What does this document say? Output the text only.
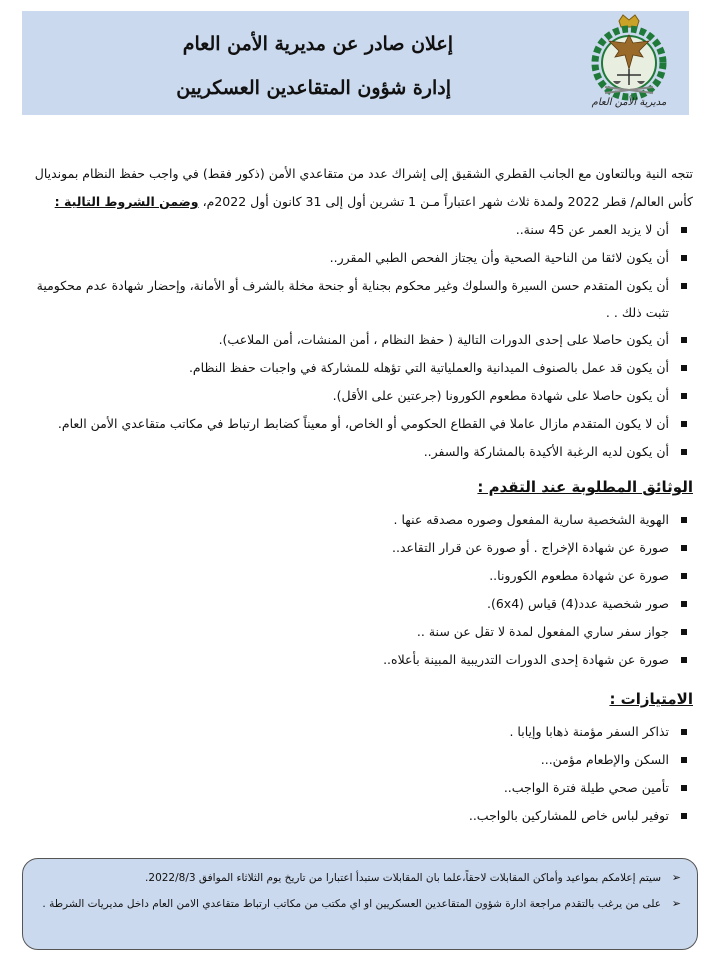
إعلان صادر عن مديرية الأمن العام
إدارة شؤون المتقاعدين العسكريين
مديرية الأمن العام

تتجه النية وبالتعاون مع الجانب القطري الشقيق إلى إشراك عدد من متقاعدي الأمن (ذكور فقط) في واجب حفظ النظام بمونديال
كأس العالم/ قطر 2022 ولمدة ثلاث شهر اعتباراً مـن 1 تشرين أول إلى 31 كانون أول 2022م، وضمن الشروط التالية :

أن لا يزيد العمر عن 45 سنة..
أن يكون لائقا من الناحية الصحية وأن يجتاز الفحص الطبي المقرر..
أن يكون المتقدم حسن السيرة والسلوك وغير محكوم بجناية أو جنحة مخلة بالشرف أو الأمانة، وإحضار شهادة عدم محكومية تثبت ذلك . .
أن يكون حاصلا على إحدى الدورات التالية ( حفظ النظام ، أمن المنشات، أمن الملاعب).
أن يكون قد عمل بالصنوف الميدانية والعملياتية التي تؤهله للمشاركة في واجبات حفظ النظام.
أن يكون حاصلا على شهادة مطعوم الكورونا (جرعتين على الأقل).
أن لا يكون المتقدم مازال عاملا في القطاع الحكومي أو الخاص، أو معيناً كضابط ارتباط في مكاتب متقاعدي الأمن العام.
أن يكون لديه الرغبة الأكيدة بالمشاركة والسفر..
الوثائق المطلوبة عند التقدم :
الهوية الشخصية سارية المفعول وصوره مصدقه عنها .
صورة عن شهادة الإخراج . أو صورة عن قرار التقاعد..
صورة عن شهادة مطعوم الكورونا..
صور شخصية عدد(4) قياس (6x4).
جواز سفر ساري المفعول لمدة لا تقل عن سنة ..
صورة عن شهادة إحدى الدورات التدريبية المبينة بأعلاه..
الامتيازات :
تذاكر السفر مؤمنة ذهابا وإيابا .
السكن والإطعام مؤمن...
تأمين صحي طيلة فترة الواجب..
توفير لباس خاص للمشاركين بالواجب..
➢
سيتم إعلامكم بمواعيد وأماكن المقابلات لاحقاً،علما بان المقابلات ستبدأ اعتبارا من تاريخ يوم الثلاثاء الموافق 2022/8/3.
➢
على من يرغب بالتقدم مراجعة ادارة شؤون المتقاعدين العسكريين او اي مكتب من مكاتب ارتباط متقاعدي الامن العام داخل مديريات الشرطة .
